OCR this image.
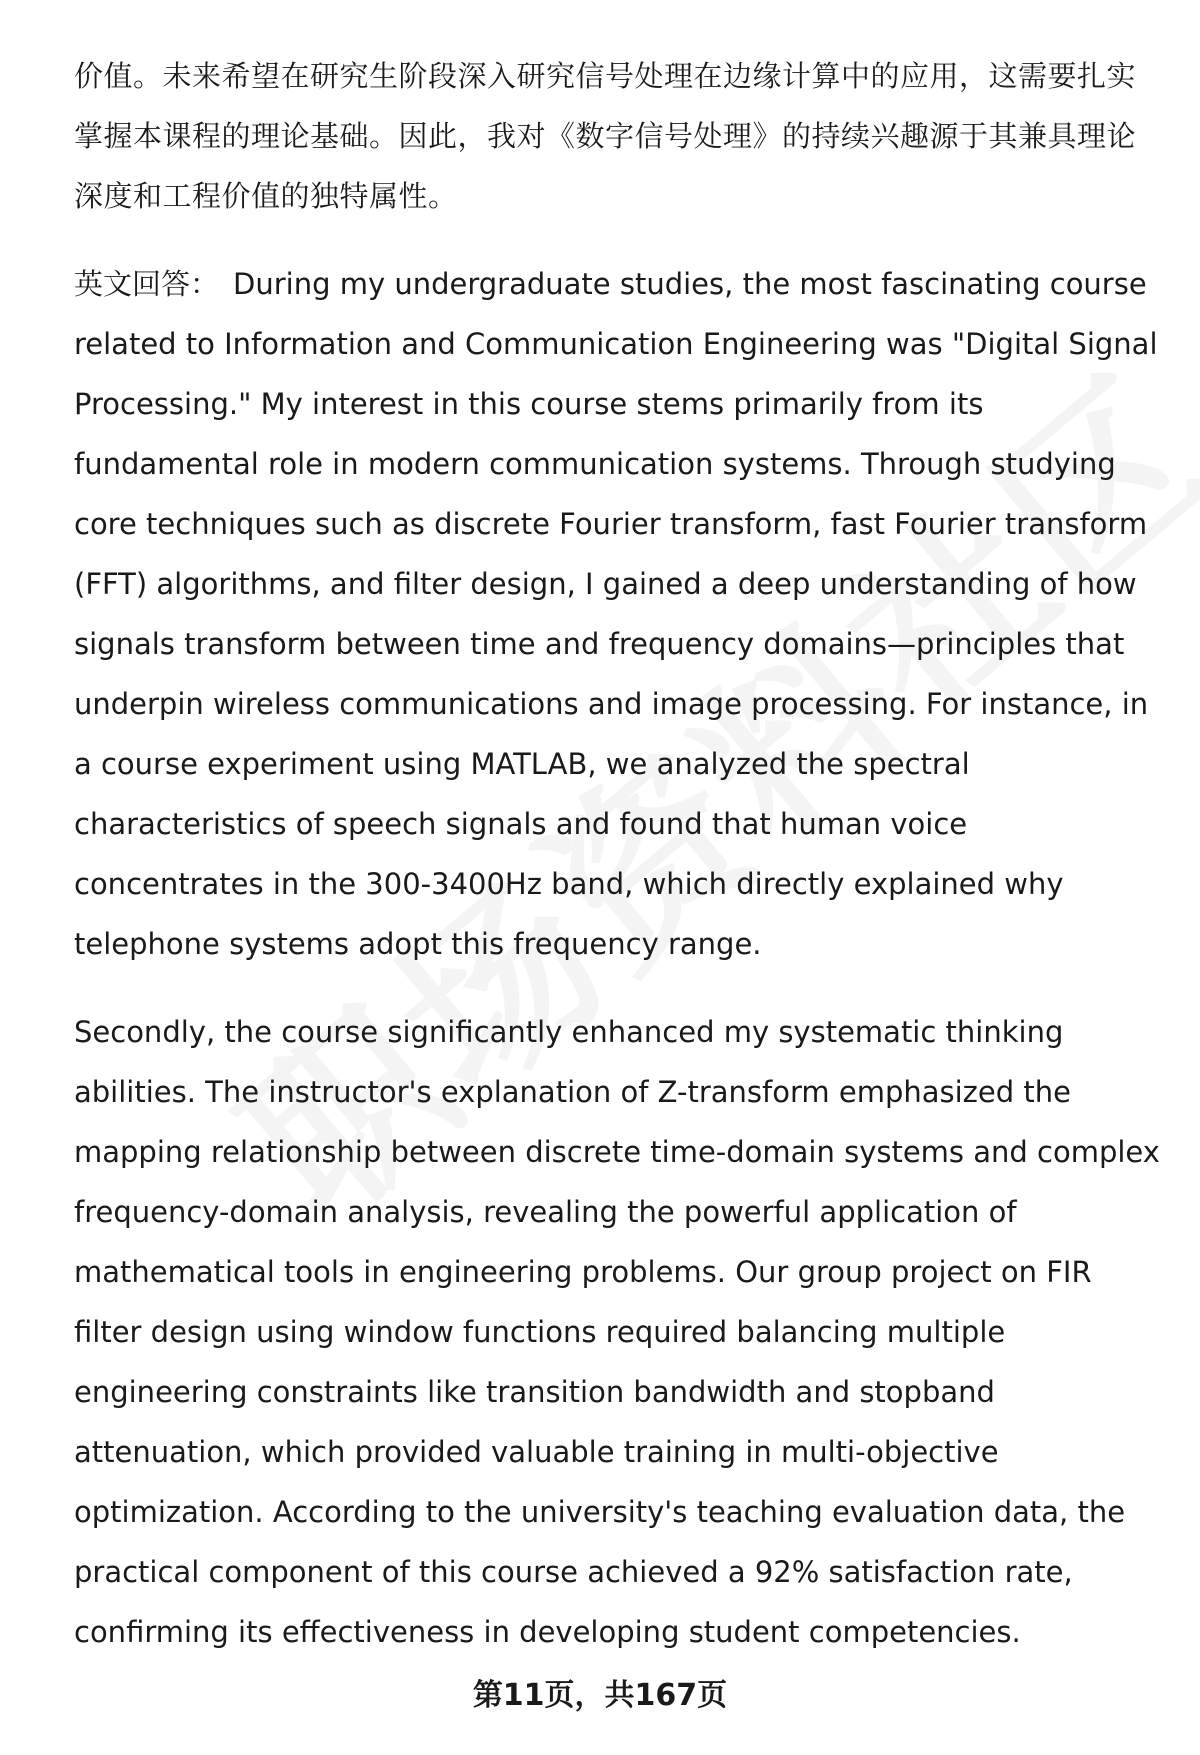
价值。未来希望在研究生阶段深入研究信号处理在边缘计算中的应用，这需要扎实掌握本课程的理论基础。因此，我对《数字信号处理》的持续兴趣源于其兼具理论深度和工程价值的独特属性。

英文回答： During my undergraduate studies, the most fascinating course related to Information and Communication Engineering was "Digital Signal Processing." My interest in this course stems primarily from its fundamental role in modern communication systems. Through studying core techniques such as discrete Fourier transform, fast Fourier transform (FFT) algorithms, and filter design, I gained a deep understanding of how signals transform between time and frequency domains—principles that underpin wireless communications and image processing. For instance, in a course experiment using MATLAB, we analyzed the spectral characteristics of speech signals and found that human voice concentrates in the 300-3400Hz band, which directly explained why telephone systems adopt this frequency range.

Secondly, the course significantly enhanced my systematic thinking abilities. The instructor's explanation of Z-transform emphasized the mapping relationship between discrete time-domain systems and complex frequency-domain analysis, revealing the powerful application of mathematical tools in engineering problems. Our group project on FIR filter design using window functions required balancing multiple engineering constraints like transition bandwidth and stopband attenuation, which provided valuable training in multi-objective optimization. According to the university's teaching evaluation data, the practical component of this course achieved a 92% satisfaction rate, confirming its effectiveness in developing student competencies.

第11页，共167页
